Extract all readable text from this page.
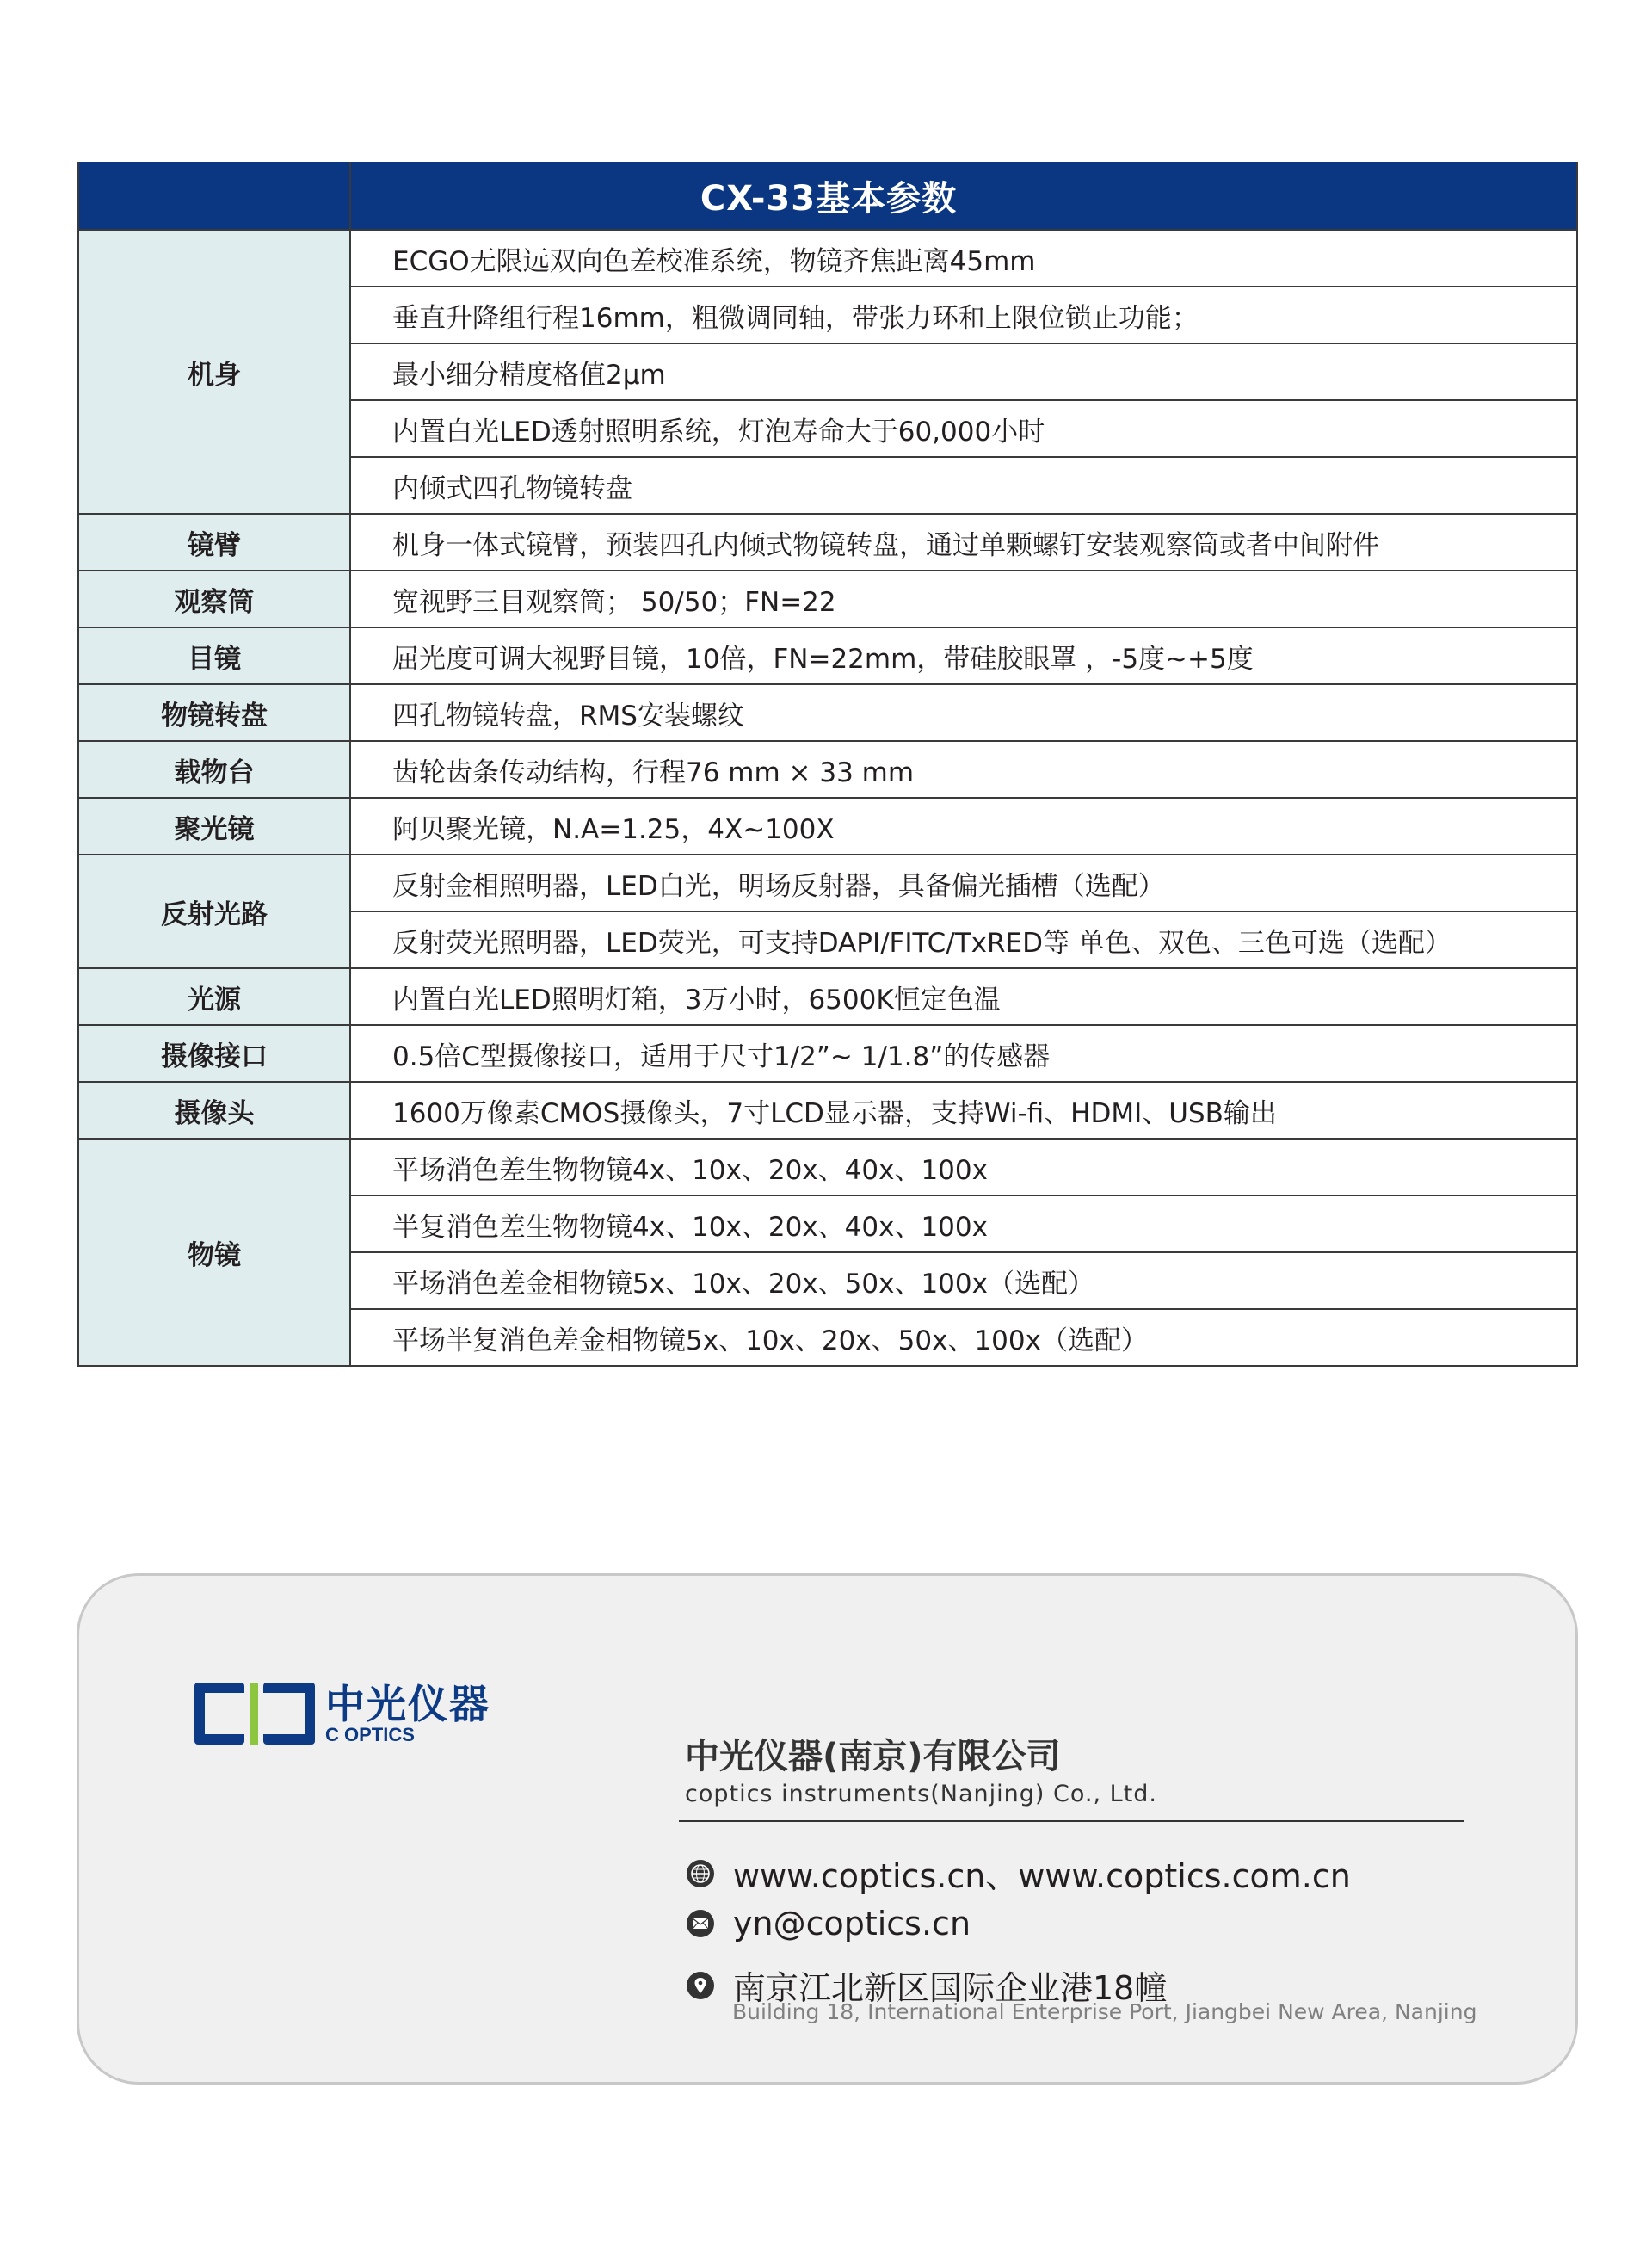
	CX-33基本参数
机身	ECGO无限远双向色差校准系统，物镜齐焦距离45mm
	垂直升降组行程16mm，粗微调同轴，带张力环和上限位锁止功能；
	最小细分精度格值2μm
	内置白光LED透射照明系统，灯泡寿命大于60,000小时
	内倾式四孔物镜转盘
镜臂	机身一体式镜臂，预装四孔内倾式物镜转盘，通过单颗螺钉安装观察筒或者中间附件
观察筒	宽视野三目观察筒； 50/50；FN=22
目镜	屈光度可调大视野目镜，10倍，FN=22mm，带硅胶眼罩 ，-5度~+5度
物镜转盘	四孔物镜转盘，RMS安装螺纹
载物台	齿轮齿条传动结构，行程76 mm × 33 mm
聚光镜	阿贝聚光镜，N.A=1.25，4X~100X
反射光路	反射金相照明器，LED白光，明场反射器，具备偏光插槽（选配）
	反射荧光照明器，LED荧光，可支持DAPI/FITC/TxRED等 单色、双色、三色可选（选配）
光源	内置白光LED照明灯箱，3万小时，6500K恒定色温
摄像接口	0.5倍C型摄像接口，适用于尺寸1/2”~ 1/1.8”的传感器
摄像头	1600万像素CMOS摄像头，7寸LCD显示器，支持Wi-fi、HDMI、USB输出
物镜	平场消色差生物物镜4x、10x、20x、40x、100x
	半复消色差生物物镜4x、10x、20x、40x、100x
	平场消色差金相物镜5x、10x、20x、50x、100x（选配）
	平场半复消色差金相物镜5x、10x、20x、50x、100x（选配）
中光仪器
C OPTICS
中光仪器(南京)有限公司
coptics instruments(Nanjing) Co., Ltd.
www.coptics.cn、www.coptics.com.cn
yn@coptics.cn
南京江北新区国际企业港18幢
Building 18, International Enterprise Port, Jiangbei New Area, Nanjing
